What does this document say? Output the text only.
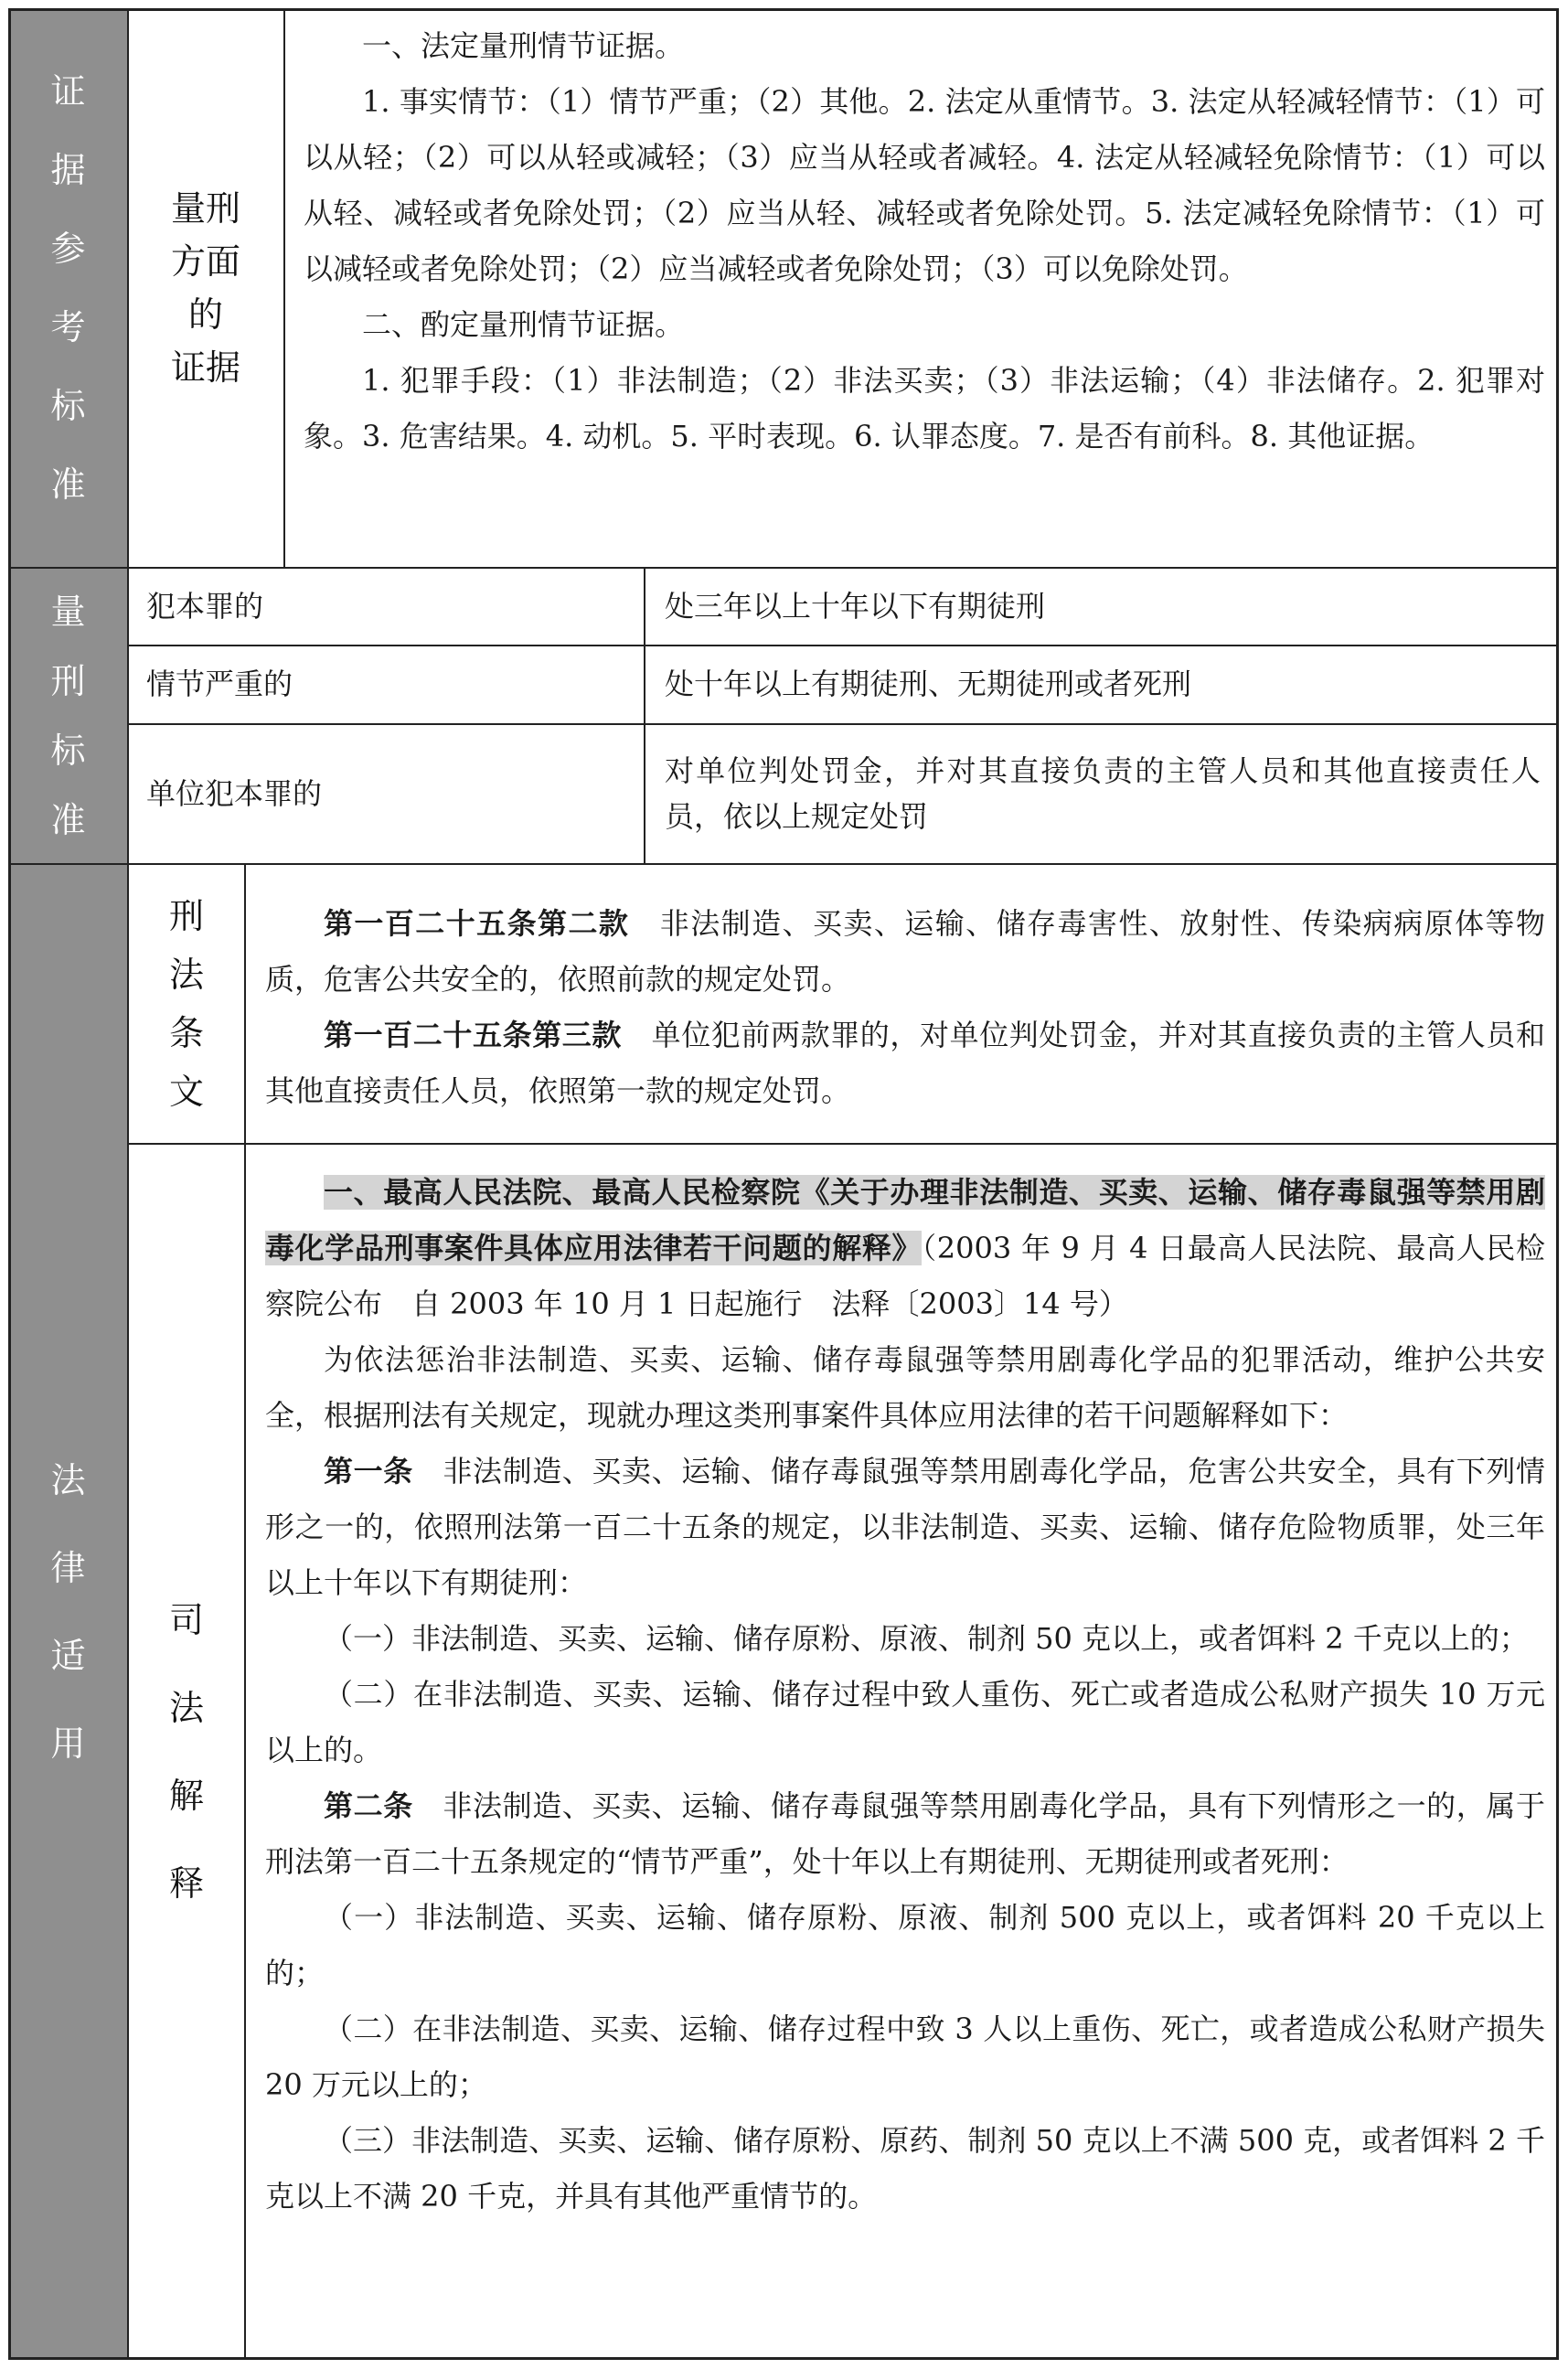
证
据
参
考
标
准
量刑
方面
的
证据

一、法定量刑情节证据。

1. 事实情节：（1）情节严重；（2）其他。2. 法定从重情节。3. 法定从轻减轻情节：（1）可以从轻；（2）可以从轻或减轻；（3）应当从轻或者减轻。4. 法定从轻减轻免除情节：（1）可以从轻、减轻或者免除处罚；（2）应当从轻、减轻或者免除处罚。5. 法定减轻免除情节：（1）可以减轻或者免除处罚；（2）应当减轻或者免除处罚；（3）可以免除处罚。

二、酌定量刑情节证据。

1. 犯罪手段：（1）非法制造；（2）非法买卖；（3）非法运输；（4）非法储存。2. 犯罪对象。3. 危害结果。4. 动机。5. 平时表现。6. 认罪态度。7. 是否有前科。8. 其他证据。

量
刑
标
准
犯本罪的	处三年以上十年以下有期徒刑
情节严重的	处十年以上有期徒刑、无期徒刑或者死刑
单位犯本罪的
对单位判处罚金，并对其直接负责的主管人员和其他直接责任人员，依以上规定处罚
法
律
适
用
刑
法
条
文

第一百二十五条第二款　 非法制造、买卖、运输、储存毒害性、放射性、传染病病原体等物质，危害公共安全的，依照前款的规定处罚。

第一百二十五条第三款　 单位犯前两款罪的，对单位判处罚金，并对其直接负责的主管人员和其他直接责任人员，依照第一款的规定处罚。

司
法
解
释

一、最高人民法院、最高人民检察院《关于办理非法制造、买卖、运输、储存毒鼠强等禁用剧毒化学品刑事案件具体应用法律若干问题的解释》（2003 年 9 月 4 日最高人民法院、最高人民检察院公布　自 2003 年 10 月 1 日起施行　法释〔2003〕14 号）

为依法惩治非法制造、买卖、运输、储存毒鼠强等禁用剧毒化学品的犯罪活动，维护公共安全，根据刑法有关规定，现就办理这类刑事案件具体应用法律的若干问题解释如下：

第一条　 非法制造、买卖、运输、储存毒鼠强等禁用剧毒化学品，危害公共安全，具有下列情形之一的，依照刑法第一百二十五条的规定，以非法制造、买卖、运输、储存危险物质罪，处三年以上十年以下有期徒刑：

（一）非法制造、买卖、运输、储存原粉、原液、制剂 50 克以上，或者饵料 2 千克以上的；

（二）在非法制造、买卖、运输、储存过程中致人重伤、死亡或者造成公私财产损失 10 万元以上的。

第二条　 非法制造、买卖、运输、储存毒鼠强等禁用剧毒化学品，具有下列情形之一的，属于刑法第一百二十五条规定的“情节严重”，处十年以上有期徒刑、无期徒刑或者死刑：

（一）非法制造、买卖、运输、储存原粉、原液、制剂 500 克以上，或者饵料 20 千克以上的；

（二）在非法制造、买卖、运输、储存过程中致 3 人以上重伤、死亡，或者造成公私财产损失 20 万元以上的；

（三）非法制造、买卖、运输、储存原粉、原药、制剂 50 克以上不满 500 克，或者饵料 2 千克以上不满 20 千克，并具有其他严重情节的。
